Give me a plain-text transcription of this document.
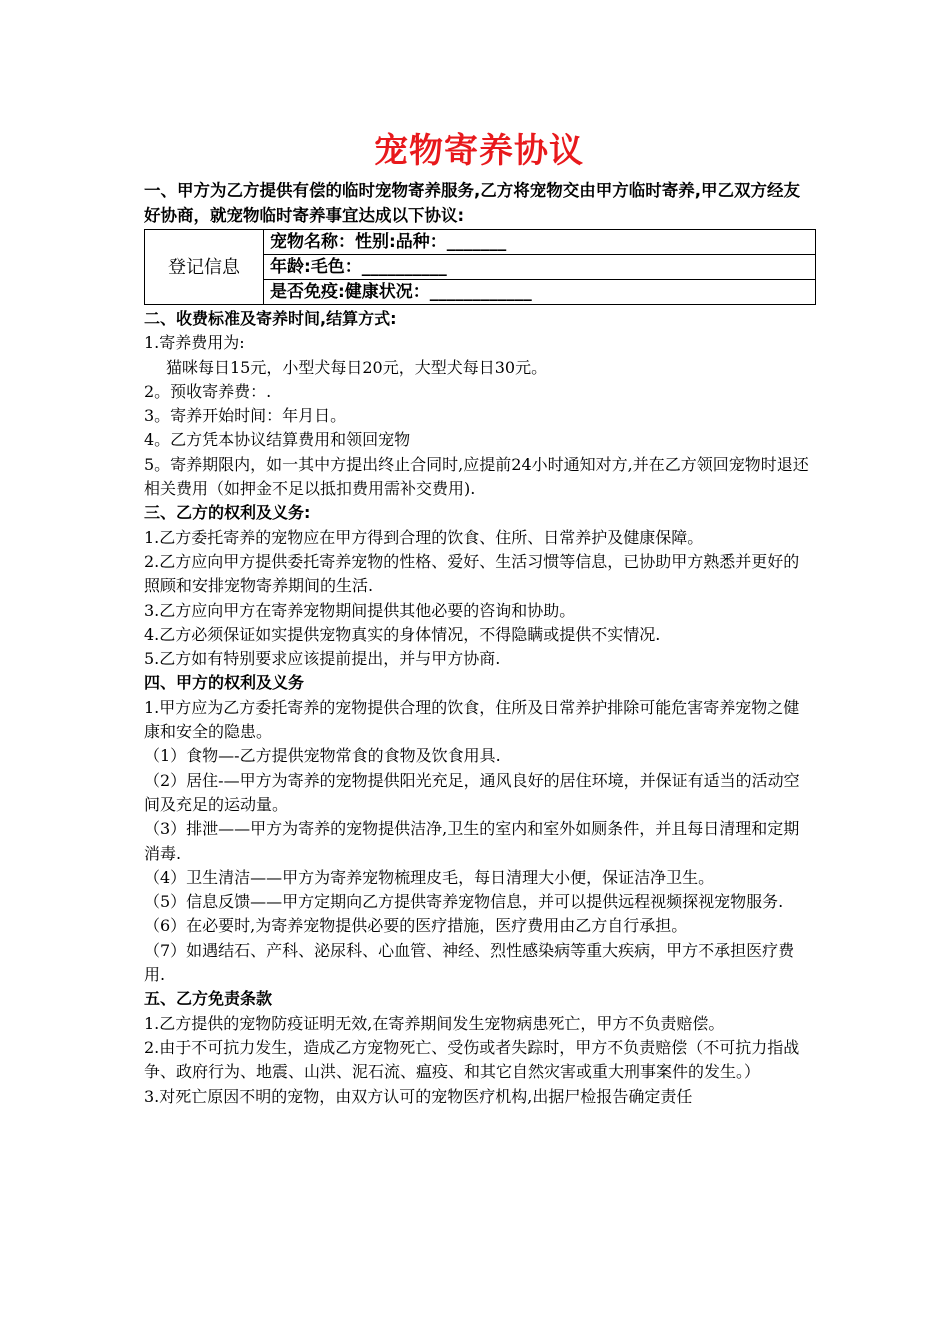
宠物寄养协议
一、甲方为乙方提供有偿的临时宠物寄养服务,乙方将宠物交由甲方临时寄养,甲乙双方经友好协商，就宠物临时寄养事宜达成以下协议:
登记信息	宠物名称：性别:品种：_______
年龄:毛色：__________
是否免疫:健康状况：____________
二、收费标准及寄养时间,结算方式:

1.寄养费用为:

猫咪每日15元，小型犬每日20元，大型犬每日30元。

2。预收寄养费：.

3。寄养开始时间：年月日。

4。乙方凭本协议结算费用和领回宠物

5。寄养期限内，如一其中方提出终止合同时,应提前24小时通知对方,并在乙方领回宠物时退还相关费用（如押金不足以抵扣费用需补交费用).

三、乙方的权利及义务:

1.乙方委托寄养的宠物应在甲方得到合理的饮食、住所、日常养护及健康保障。

2.乙方应向甲方提供委托寄养宠物的性格、爱好、生活习惯等信息，已协助甲方熟悉并更好的照顾和安排宠物寄养期间的生活.

3.乙方应向甲方在寄养宠物期间提供其他必要的咨询和协助。

4.乙方必须保证如实提供宠物真实的身体情况，不得隐瞒或提供不实情况.

5.乙方如有特别要求应该提前提出，并与甲方协商.

四、甲方的权利及义务

1.甲方应为乙方委托寄养的宠物提供合理的饮食，住所及日常养护排除可能危害寄养宠物之健康和安全的隐患。

（1）食物—-乙方提供宠物常食的食物及饮食用具.

（2）居住-—甲方为寄养的宠物提供阳光充足，通风良好的居住环境，并保证有适当的活动空间及充足的运动量。

（3）排泄——甲方为寄养的宠物提供洁净,卫生的室内和室外如厕条件，并且每日清理和定期消毒.

（4）卫生清洁——甲方为寄养宠物梳理皮毛，每日清理大小便，保证洁净卫生。

（5）信息反馈——甲方定期向乙方提供寄养宠物信息，并可以提供远程视频探视宠物服务.

（6）在必要时,为寄养宠物提供必要的医疗措施，医疗费用由乙方自行承担。

（7）如遇结石、产科、泌尿科、心血管、神经、烈性感染病等重大疾病，甲方不承担医疗费用.

五、乙方免责条款

1.乙方提供的宠物防疫证明无效,在寄养期间发生宠物病患死亡，甲方不负责赔偿。

2.由于不可抗力发生，造成乙方宠物死亡、受伤或者失踪时，甲方不负责赔偿（不可抗力指战争、政府行为、地震、山洪、泥石流、瘟疫、和其它自然灾害或重大刑事案件的发生。）

3.对死亡原因不明的宠物，由双方认可的宠物医疗机构,出据尸检报告确定责任
